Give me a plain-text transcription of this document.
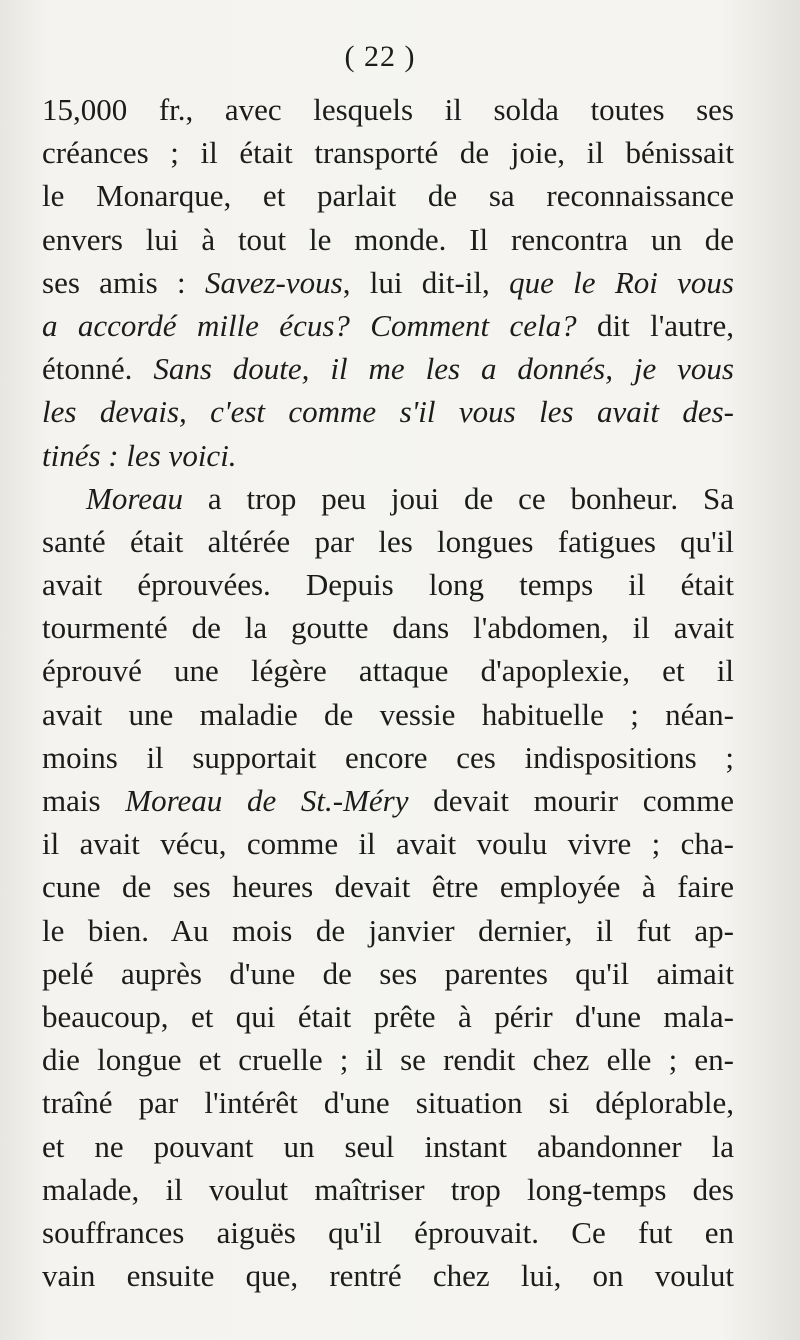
( 22 )
15,000 fr., avec lesquels il solda toutes ses
créances ; il était transporté de joie, il bénissait
le Monarque, et parlait de sa reconnaissance
envers lui à tout le monde. Il rencontra un de
ses amis : Savez-vous, lui dit-il, que le Roi vous
a accordé mille écus? Comment cela? dit l'autre,
étonné. Sans doute, il me les a donnés, je vous
les devais, c'est comme s'il vous les avait des-
tinés : les voici.
Moreau a trop peu joui de ce bonheur. Sa
santé était altérée par les longues fatigues qu'il
avait éprouvées. Depuis long temps il était
tourmenté de la goutte dans l'abdomen, il avait
éprouvé une légère attaque d'apoplexie, et il
avait une maladie de vessie habituelle ; néan-
moins il supportait encore ces indispositions ;
mais Moreau de St.-Méry devait mourir comme
il avait vécu, comme il avait voulu vivre ; cha-
cune de ses heures devait être employée à faire
le bien. Au mois de janvier dernier, il fut ap-
pelé auprès d'une de ses parentes qu'il aimait
beaucoup, et qui était prête à périr d'une mala-
die longue et cruelle ; il se rendit chez elle ; en-
traîné par l'intérêt d'une situation si déplorable,
et ne pouvant un seul instant abandonner la
malade, il voulut maîtriser trop long-temps des
souffrances aiguës qu'il éprouvait. Ce fut en
vain ensuite que, rentré chez lui, on voulut
